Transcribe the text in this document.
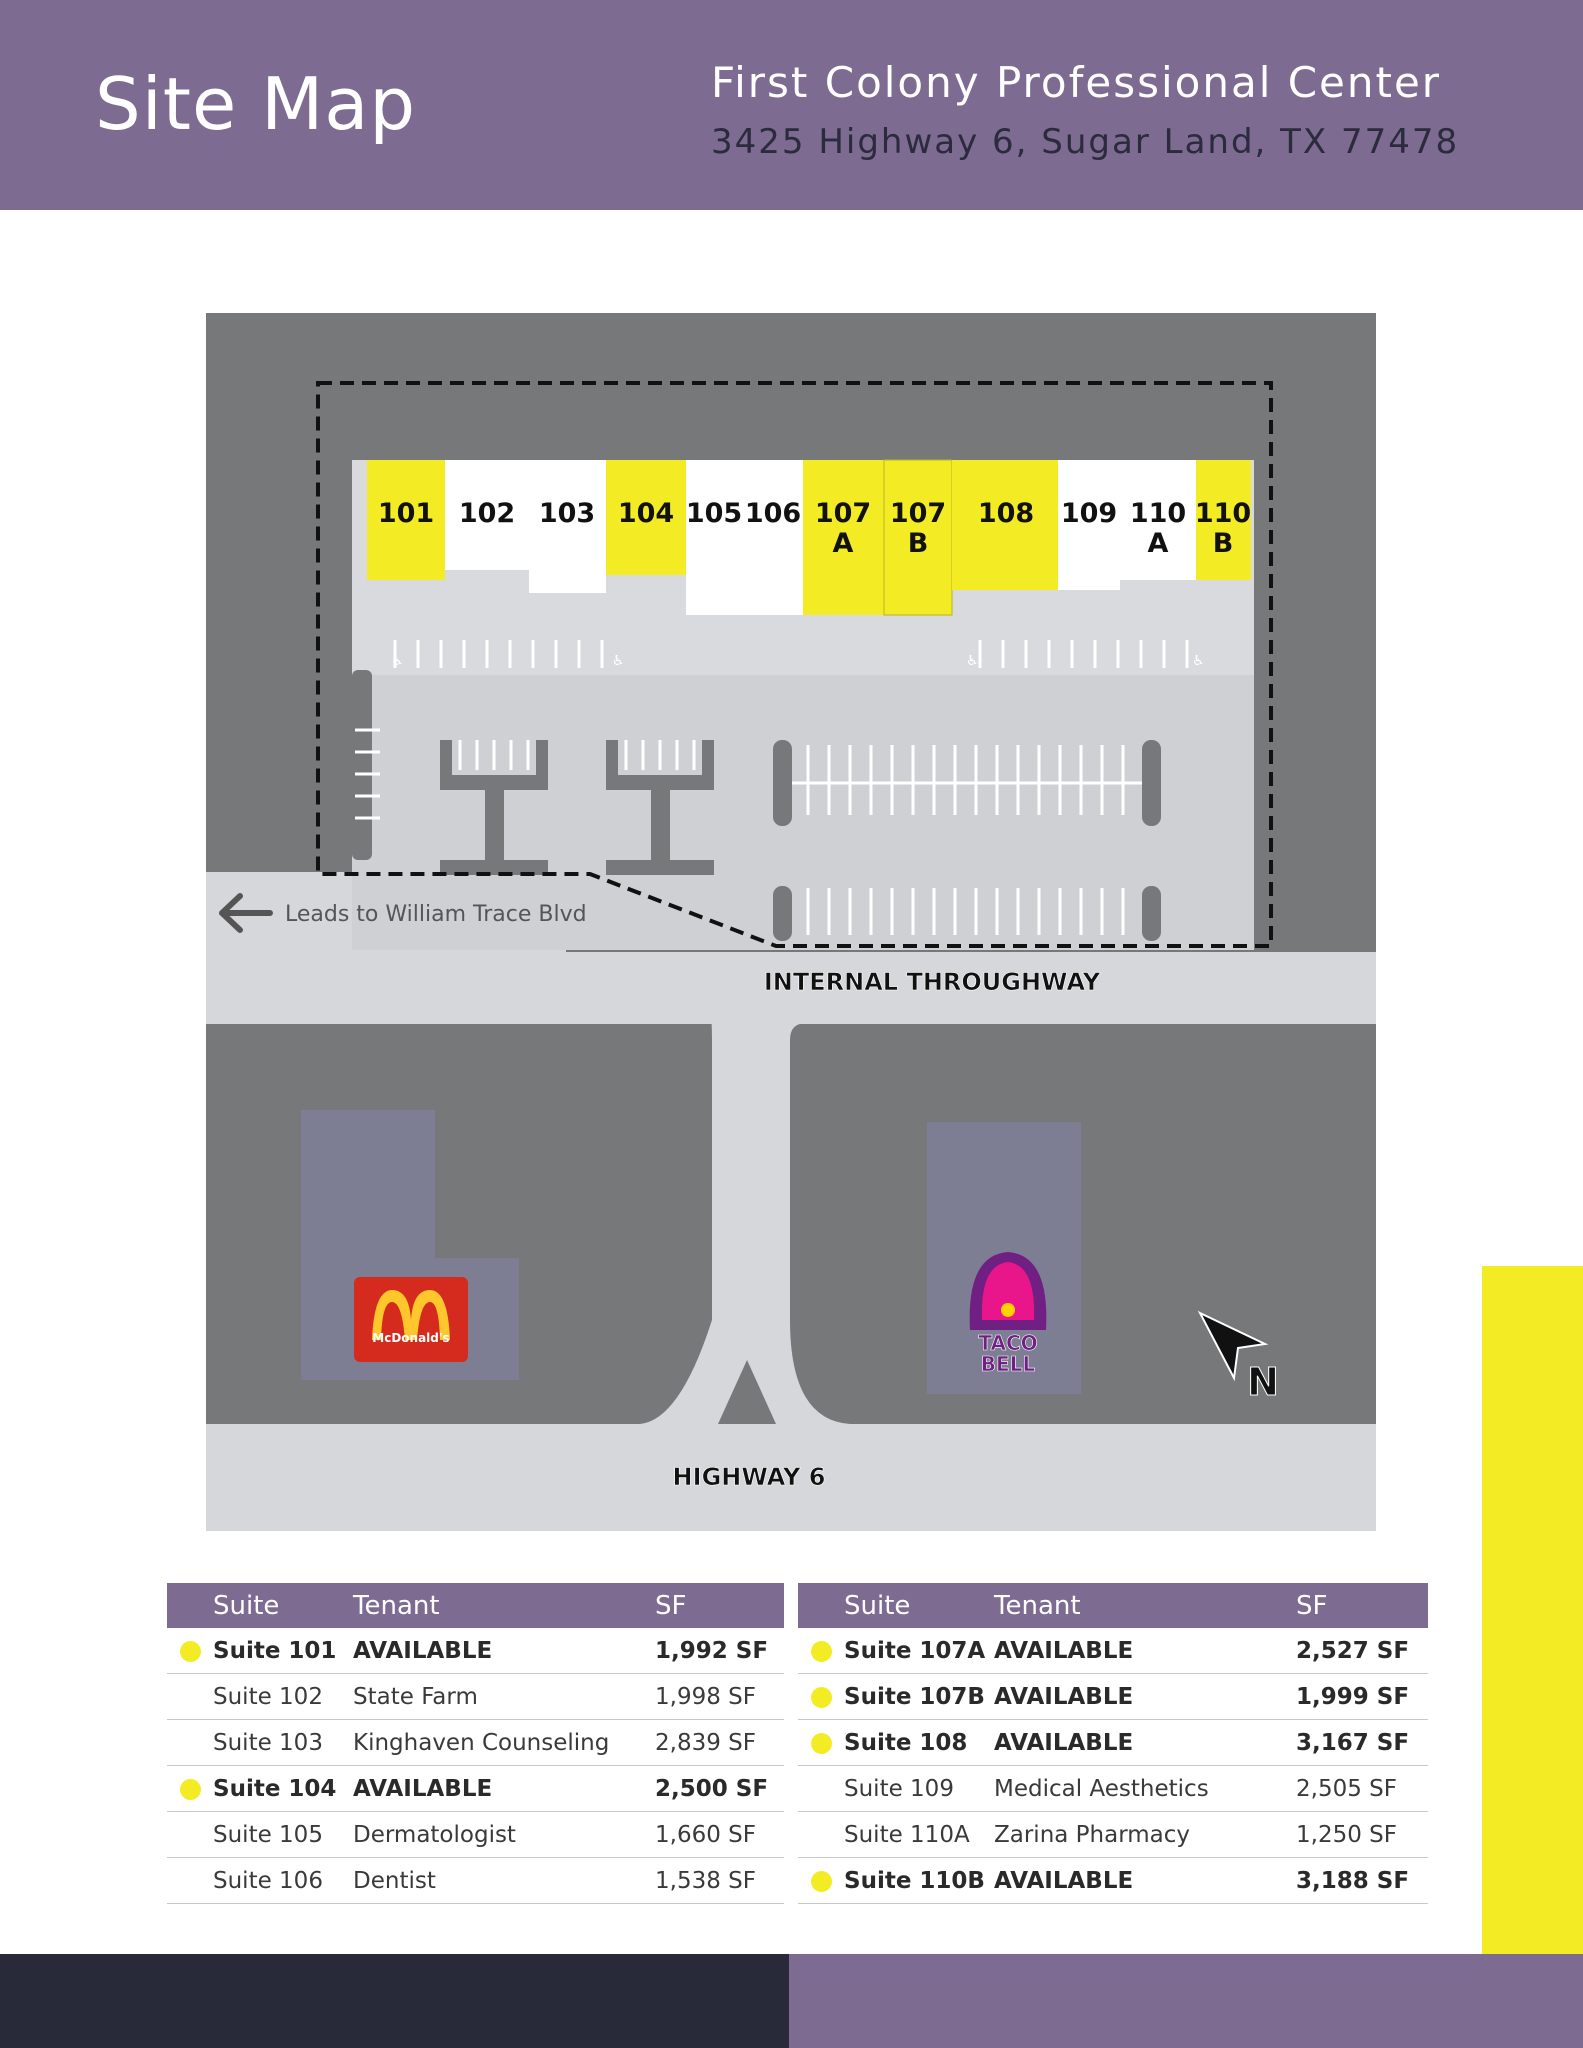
Site Map	First Colony Professional Center
3425 Highway 6, Sugar Land, TX 77478
101 102 103 104 105 106 107
A
107
B
108 109 110
A
110
B
♿	♿	♿	♿
McDonald's	TACO
BELL	N
Leads to William Trace Blvd
INTERNAL THROUGHWAY
HIGHWAY 6
	Suite	Tenant	SF
	Suite 101	AVAILABLE	1,992 SF
	Suite 102	State Farm	1,998 SF
	Suite 103	Kinghaven Counseling	2,839 SF
	Suite 104	AVAILABLE	2,500 SF
	Suite 105	Dermatologist	1,660 SF
	Suite 106	Dentist	1,538 SF
	Suite	Tenant	SF
	Suite 107A	AVAILABLE	2,527 SF
	Suite 107B	AVAILABLE	1,999 SF
	Suite 108	AVAILABLE	3,167 SF
	Suite 109	Medical Aesthetics	2,505 SF
	Suite 110A	Zarina Pharmacy	1,250 SF
	Suite 110B	AVAILABLE	3,188 SF
